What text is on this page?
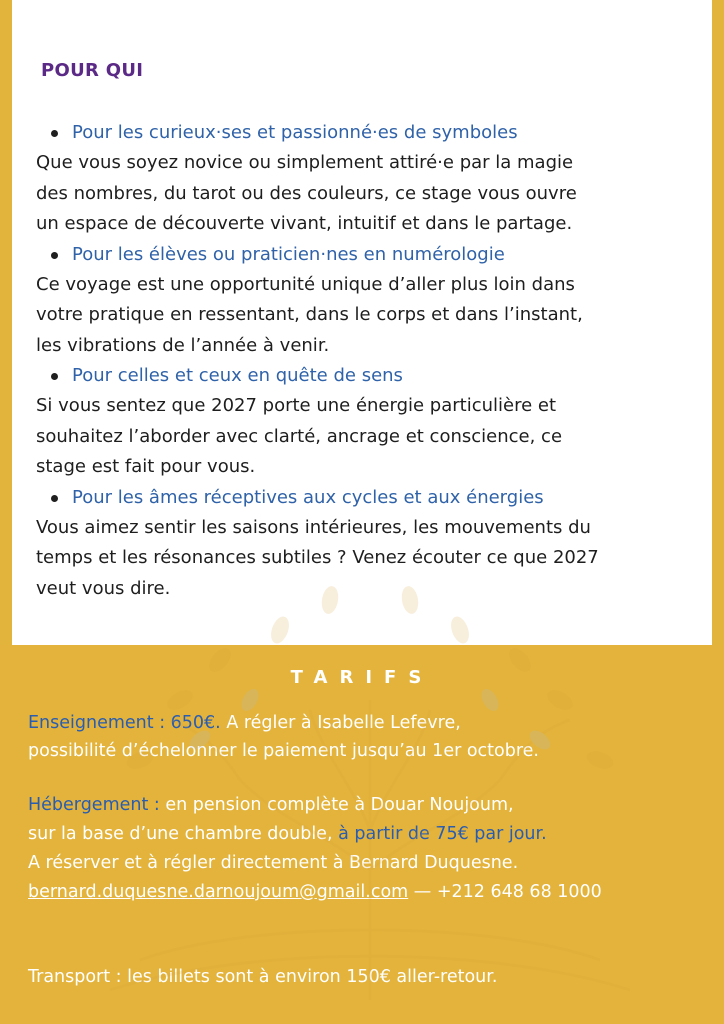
POUR QUI
Pour les curieux·ses et passionné·es de symboles
Que vous soyez novice ou simplement attiré·e par la magie
des nombres, du tarot ou des couleurs, ce stage vous ouvre
un espace de découverte vivant, intuitif et dans le partage.
Pour les élèves ou praticien·nes en numérologie
Ce voyage est une opportunité unique d’aller plus loin dans
votre pratique en ressentant, dans le corps et dans l’instant,
les vibrations de l’année à venir.
Pour celles et ceux en quête de sens
Si vous sentez que 2027 porte une énergie particulière et
souhaitez l’aborder avec clarté, ancrage et conscience, ce
stage est fait pour vous.
Pour les âmes réceptives aux cycles et aux énergies
Vous aimez sentir les saisons intérieures, les mouvements du
temps et les résonances subtiles ? Venez écouter ce que 2027
veut vous dire.
TARIFS
Enseignement : 650€. A régler à Isabelle Lefevre,
possibilité d’échelonner le paiement jusqu’au 1er octobre.
Hébergement : en pension complète à Douar Noujoum,
sur la base d’une chambre double, à partir de 75€ par jour.
A réserver et à régler directement à Bernard Duquesne.
bernard.duquesne.darnoujoum@gmail.com — +212 648 68 1000
Transport : les billets sont à environ 150€ aller-retour.
